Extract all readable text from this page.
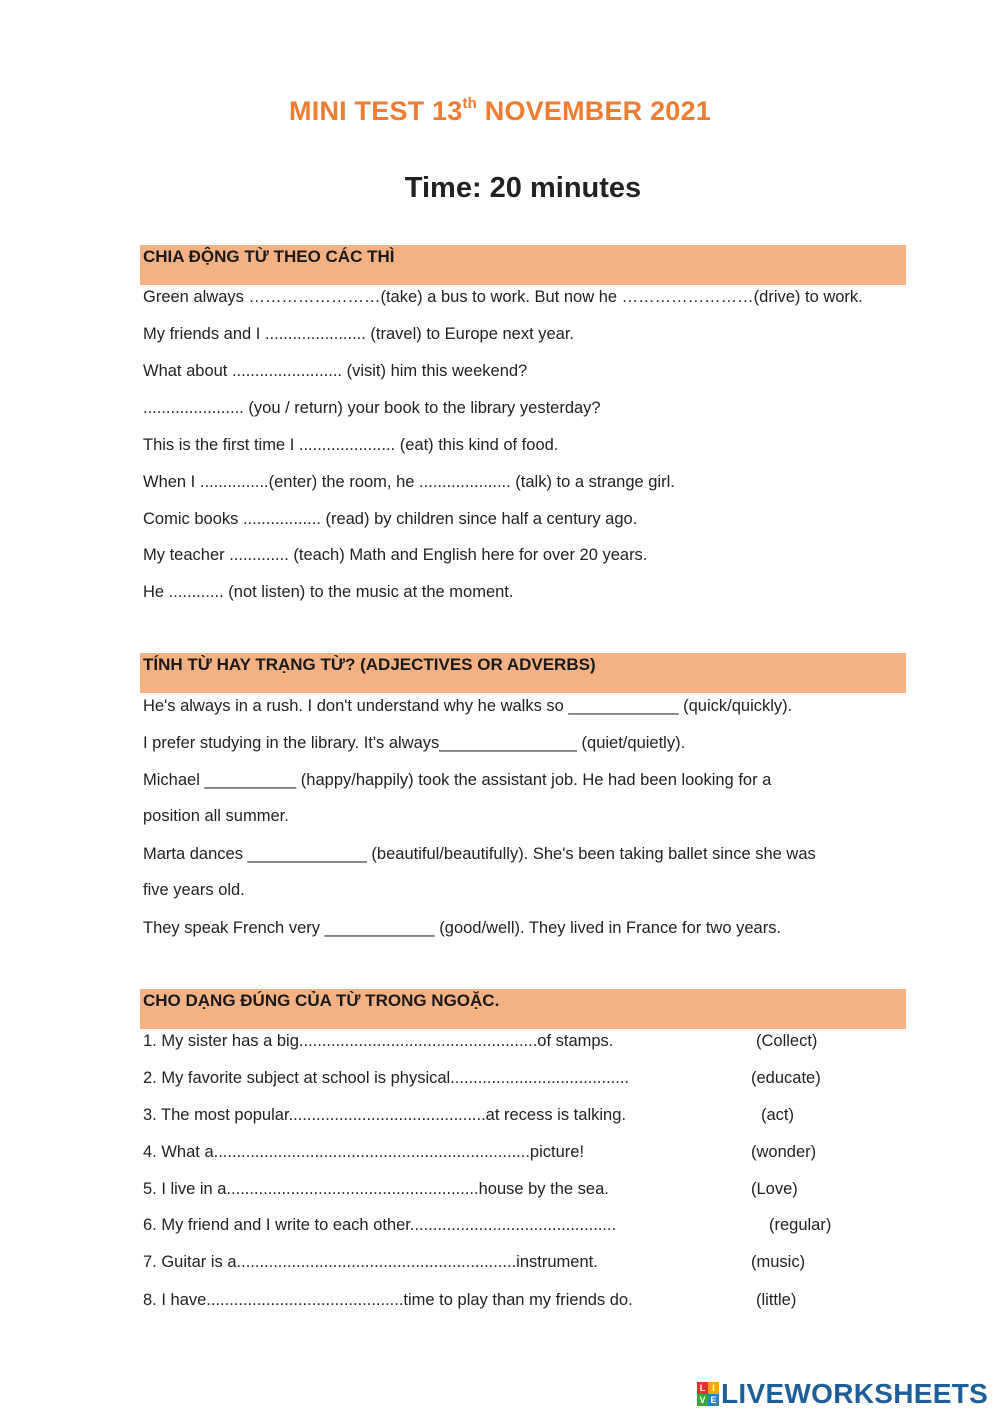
MINI TEST 13th NOVEMBER 2021
Time: 20 minutes
CHIA ĐỘNG TỪ THEO CÁC THÌ
Green always ……………………(take) a bus to work. But now he ……………………(drive) to work.
My friends and I ...................... (travel) to Europe next year.
What about ........................ (visit) him this weekend?
...................... (you / return) your book to the library yesterday?
This is the first time I ..................... (eat) this kind of food.
When I ...............(enter) the room, he .................... (talk) to a strange girl.
Comic books ................. (read) by children since half a century ago.
My teacher ............. (teach) Math and English here for over 20 years.
He ............ (not listen) to the music at the moment.
TÍNH TỪ HAY TRẠNG TỪ? (ADJECTIVES OR ADVERBS)
He's always in a rush. I don't understand why he walks so ____________ (quick/quickly).
I prefer studying in the library. It's always_______________ (quiet/quietly).
Michael __________ (happy/happily) took the assistant job. He had been looking for a
position all summer.
Marta dances _____________ (beautiful/beautifully). She's been taking ballet since she was
five years old.
They speak French very ____________ (good/well). They lived in France for two years.
CHO DẠNG ĐÚNG CỦA TỪ TRONG NGOẶC.
1. My sister has a big....................................................of stamps.	(Collect)
2. My favorite subject at school is physical.......................................	(educate)
3. The most popular...........................................at recess is talking.	(act)
4. What a.....................................................................picture!	(wonder)
5. I live in a.......................................................house by the sea.	(Love)
6. My friend and I write to each other.............................................	(regular)
7. Guitar is a.............................................................instrument.	(music)
8. I have...........................................time to play than my friends do.	(little)
L I
V E LIVEWORKSHEETS
